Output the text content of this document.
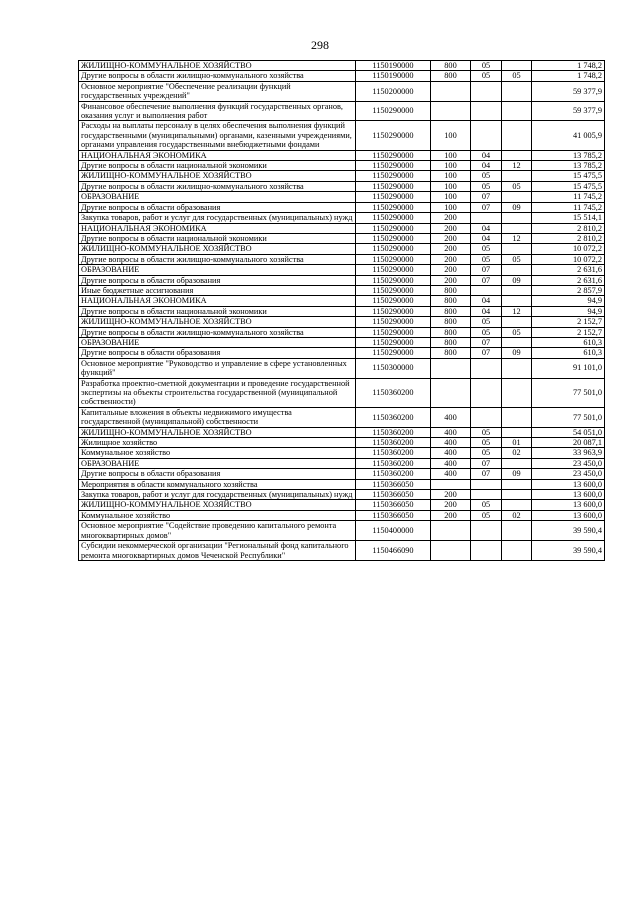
298
ЖИЛИЩНО-КОММУНАЛЬНОЕ ХОЗЯЙСТВО	1150190000	800	05		1 748,2
Другие вопросы в области жилищно-коммунального хозяйства	1150190000	800	05	05	1 748,2
Основное мероприятие "Обеспечение реализации функций государственных учреждений"	1150200000				59 377,9
Финансовое обеспечение выполнения функций государственных органов, оказания услуг и выполнения работ	1150290000				59 377,9
Расходы на выплаты персоналу в целях обеспечения выполнения функций государственными (муниципальными) органами, казенными учреждениями, органами управления государственными внебюджетными фондами	1150290000	100			41 005,9
НАЦИОНАЛЬНАЯ ЭКОНОМИКА	1150290000	100	04		13 785,2
Другие вопросы в области национальной экономики	1150290000	100	04	12	13 785,2
ЖИЛИЩНО-КОММУНАЛЬНОЕ ХОЗЯЙСТВО	1150290000	100	05		15 475,5
Другие вопросы в области жилищно-коммунального хозяйства	1150290000	100	05	05	15 475,5
ОБРАЗОВАНИЕ	1150290000	100	07		11 745,2
Другие вопросы в области образования	1150290000	100	07	09	11 745,2
Закупка товаров, работ и услуг для государственных (муниципальных) нужд	1150290000	200			15 514,1
НАЦИОНАЛЬНАЯ ЭКОНОМИКА	1150290000	200	04		2 810,2
Другие вопросы в области национальной экономики	1150290000	200	04	12	2 810,2
ЖИЛИЩНО-КОММУНАЛЬНОЕ ХОЗЯЙСТВО	1150290000	200	05		10 072,2
Другие вопросы в области жилищно-коммунального хозяйства	1150290000	200	05	05	10 072,2
ОБРАЗОВАНИЕ	1150290000	200	07		2 631,6
Другие вопросы в области образования	1150290000	200	07	09	2 631,6
Иные бюджетные ассигнования	1150290000	800			2 857,9
НАЦИОНАЛЬНАЯ ЭКОНОМИКА	1150290000	800	04		94,9
Другие вопросы в области национальной экономики	1150290000	800	04	12	94,9
ЖИЛИЩНО-КОММУНАЛЬНОЕ ХОЗЯЙСТВО	1150290000	800	05		2 152,7
Другие вопросы в области жилищно-коммунального хозяйства	1150290000	800	05	05	2 152,7
ОБРАЗОВАНИЕ	1150290000	800	07		610,3
Другие вопросы в области образования	1150290000	800	07	09	610,3
Основное мероприятие "Руководство и управление в сфере установленных функций"	1150300000				91 101,0
Разработка проектно-сметной документации и проведение государственной экспертизы на объекты строительства государственной (муниципальной собственности)	1150360200				77 501,0
Капитальные вложения в объекты недвижимого имущества государственной (муниципальной) собственности	1150360200	400			77 501,0
ЖИЛИЩНО-КОММУНАЛЬНОЕ ХОЗЯЙСТВО	1150360200	400	05		54 051,0
Жилищное хозяйство	1150360200	400	05	01	20 087,1
Коммунальное хозяйство	1150360200	400	05	02	33 963,9
ОБРАЗОВАНИЕ	1150360200	400	07		23 450,0
Другие вопросы в области образования	1150360200	400	07	09	23 450,0
Мероприятия в области коммунального хозяйства	1150366050				13 600,0
Закупка товаров, работ и услуг для государственных (муниципальных) нужд	1150366050	200			13 600,0
ЖИЛИЩНО-КОММУНАЛЬНОЕ ХОЗЯЙСТВО	1150366050	200	05		13 600,0
Коммунальное хозяйство	1150366050	200	05	02	13 600,0
Основное мероприятие "Содействие проведению капитального ремонта многоквартирных домов"	1150400000				39 590,4
Субсидии некоммерческой организации "Региональный фонд капитального ремонта многоквартирных домов Чеченской Республики"	1150466090				39 590,4
